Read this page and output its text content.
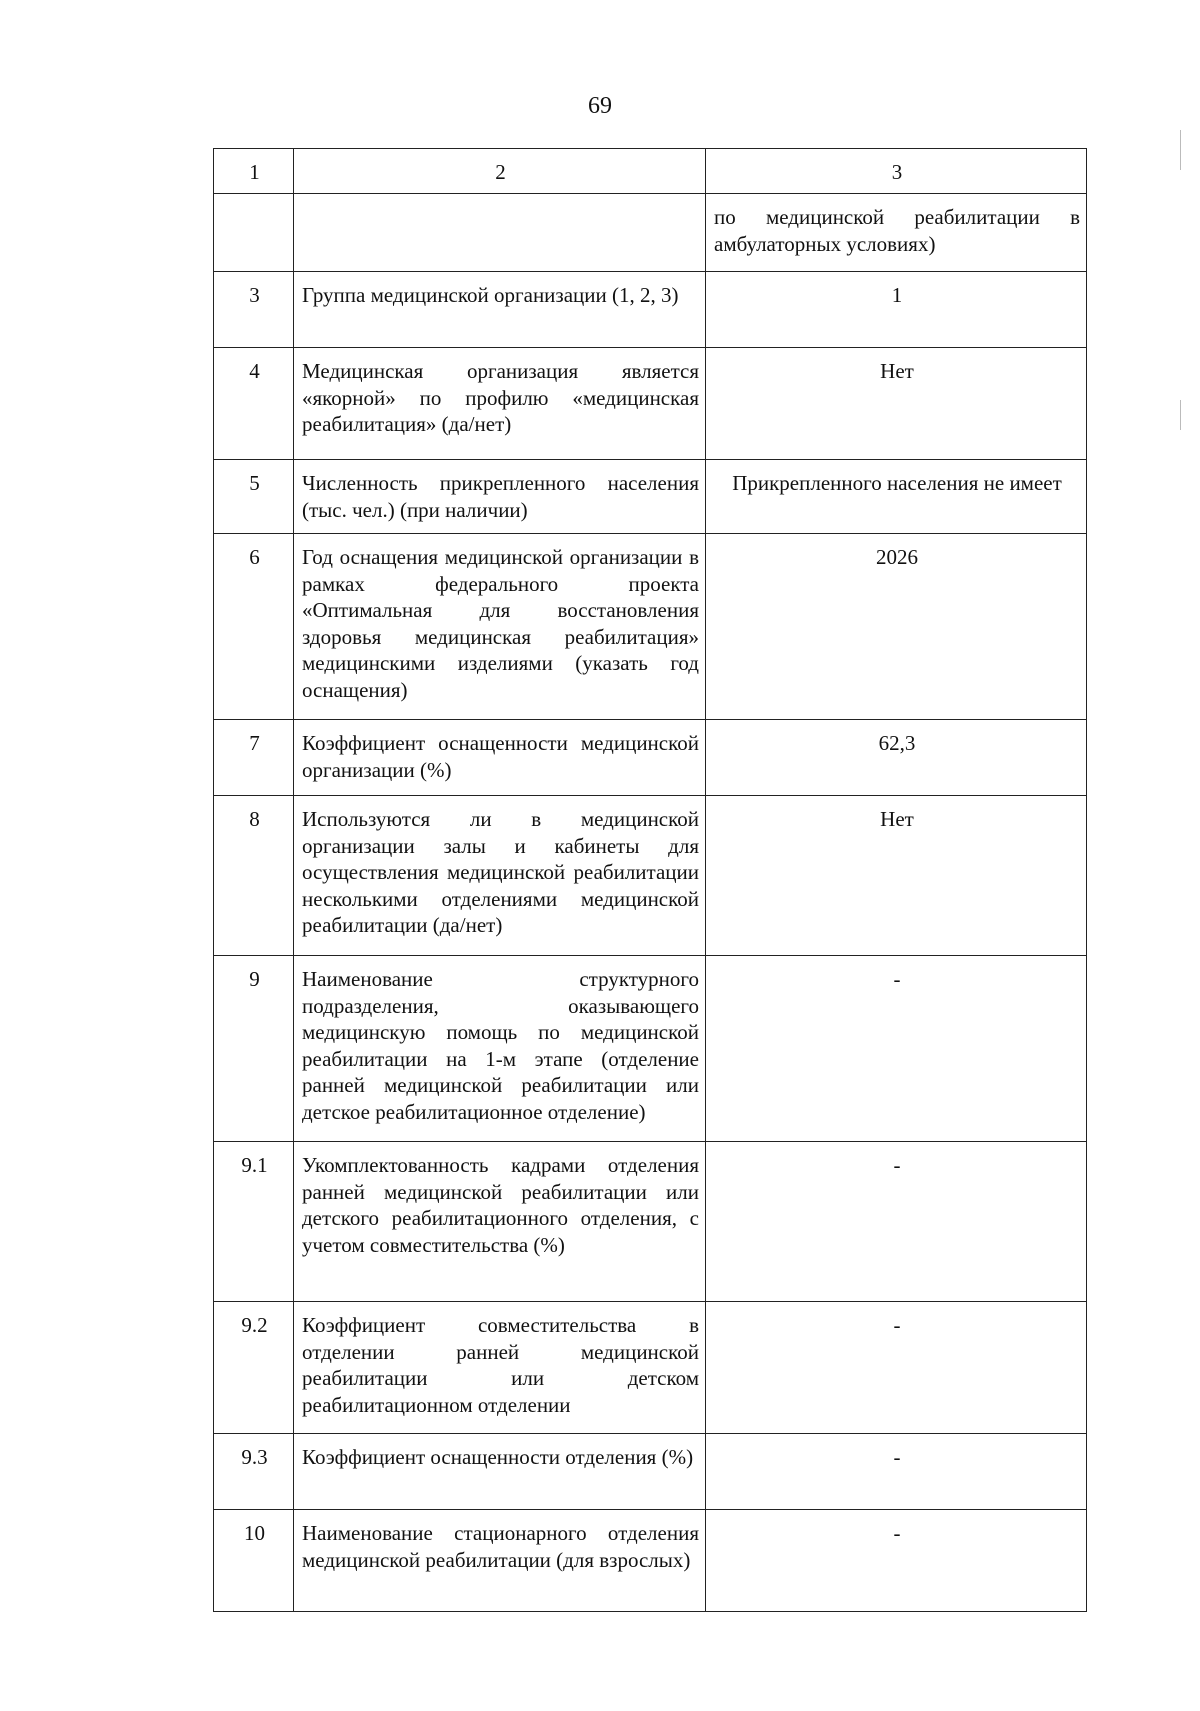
69
1	2	3
		по медицинской реабилитации в амбулаторных условиях)
3	Группа медицинской организации (1, 2, 3)	1
4	Медицинская организация является «якорной» по профилю «медицинская реабилитация» (да/нет)	Нет
5	Численность прикрепленного населения (тыс. чел.) (при наличии)	Прикрепленного населения не имеет
6	Год оснащения медицинской организации в рамках федерального проекта «Оптимальная для восстановления здоровья медицинская реабилитация» медицинскими изделиями (указать год оснащения)	2026
7	Коэффициент оснащенности медицинской организации (%)	62,3
8	Используются ли в медицинской организации залы и кабинеты для осуществления медицинской реабилитации несколькими отделениями медицинской реабилитации (да/нет)	Нет
9	Наименование структурного подразделения, оказывающего медицинскую помощь по медицинской реабилитации на 1-м этапе (отделение ранней медицинской реабилитации или детское реабилитационное отделение)	-
9.1	Укомплектованность кадрами отделения ранней медицинской реабилитации или детского реабилитационного отделения, с учетом совместительства (%)	-
9.2	Коэффициент совместительства в отделении ранней медицинской реабилитации или детском реабилитационном отделении	-
9.3	Коэффициент оснащенности отделения (%)	-
10	Наименование стационарного отделения медицинской реабилитации (для взрослых)	-
